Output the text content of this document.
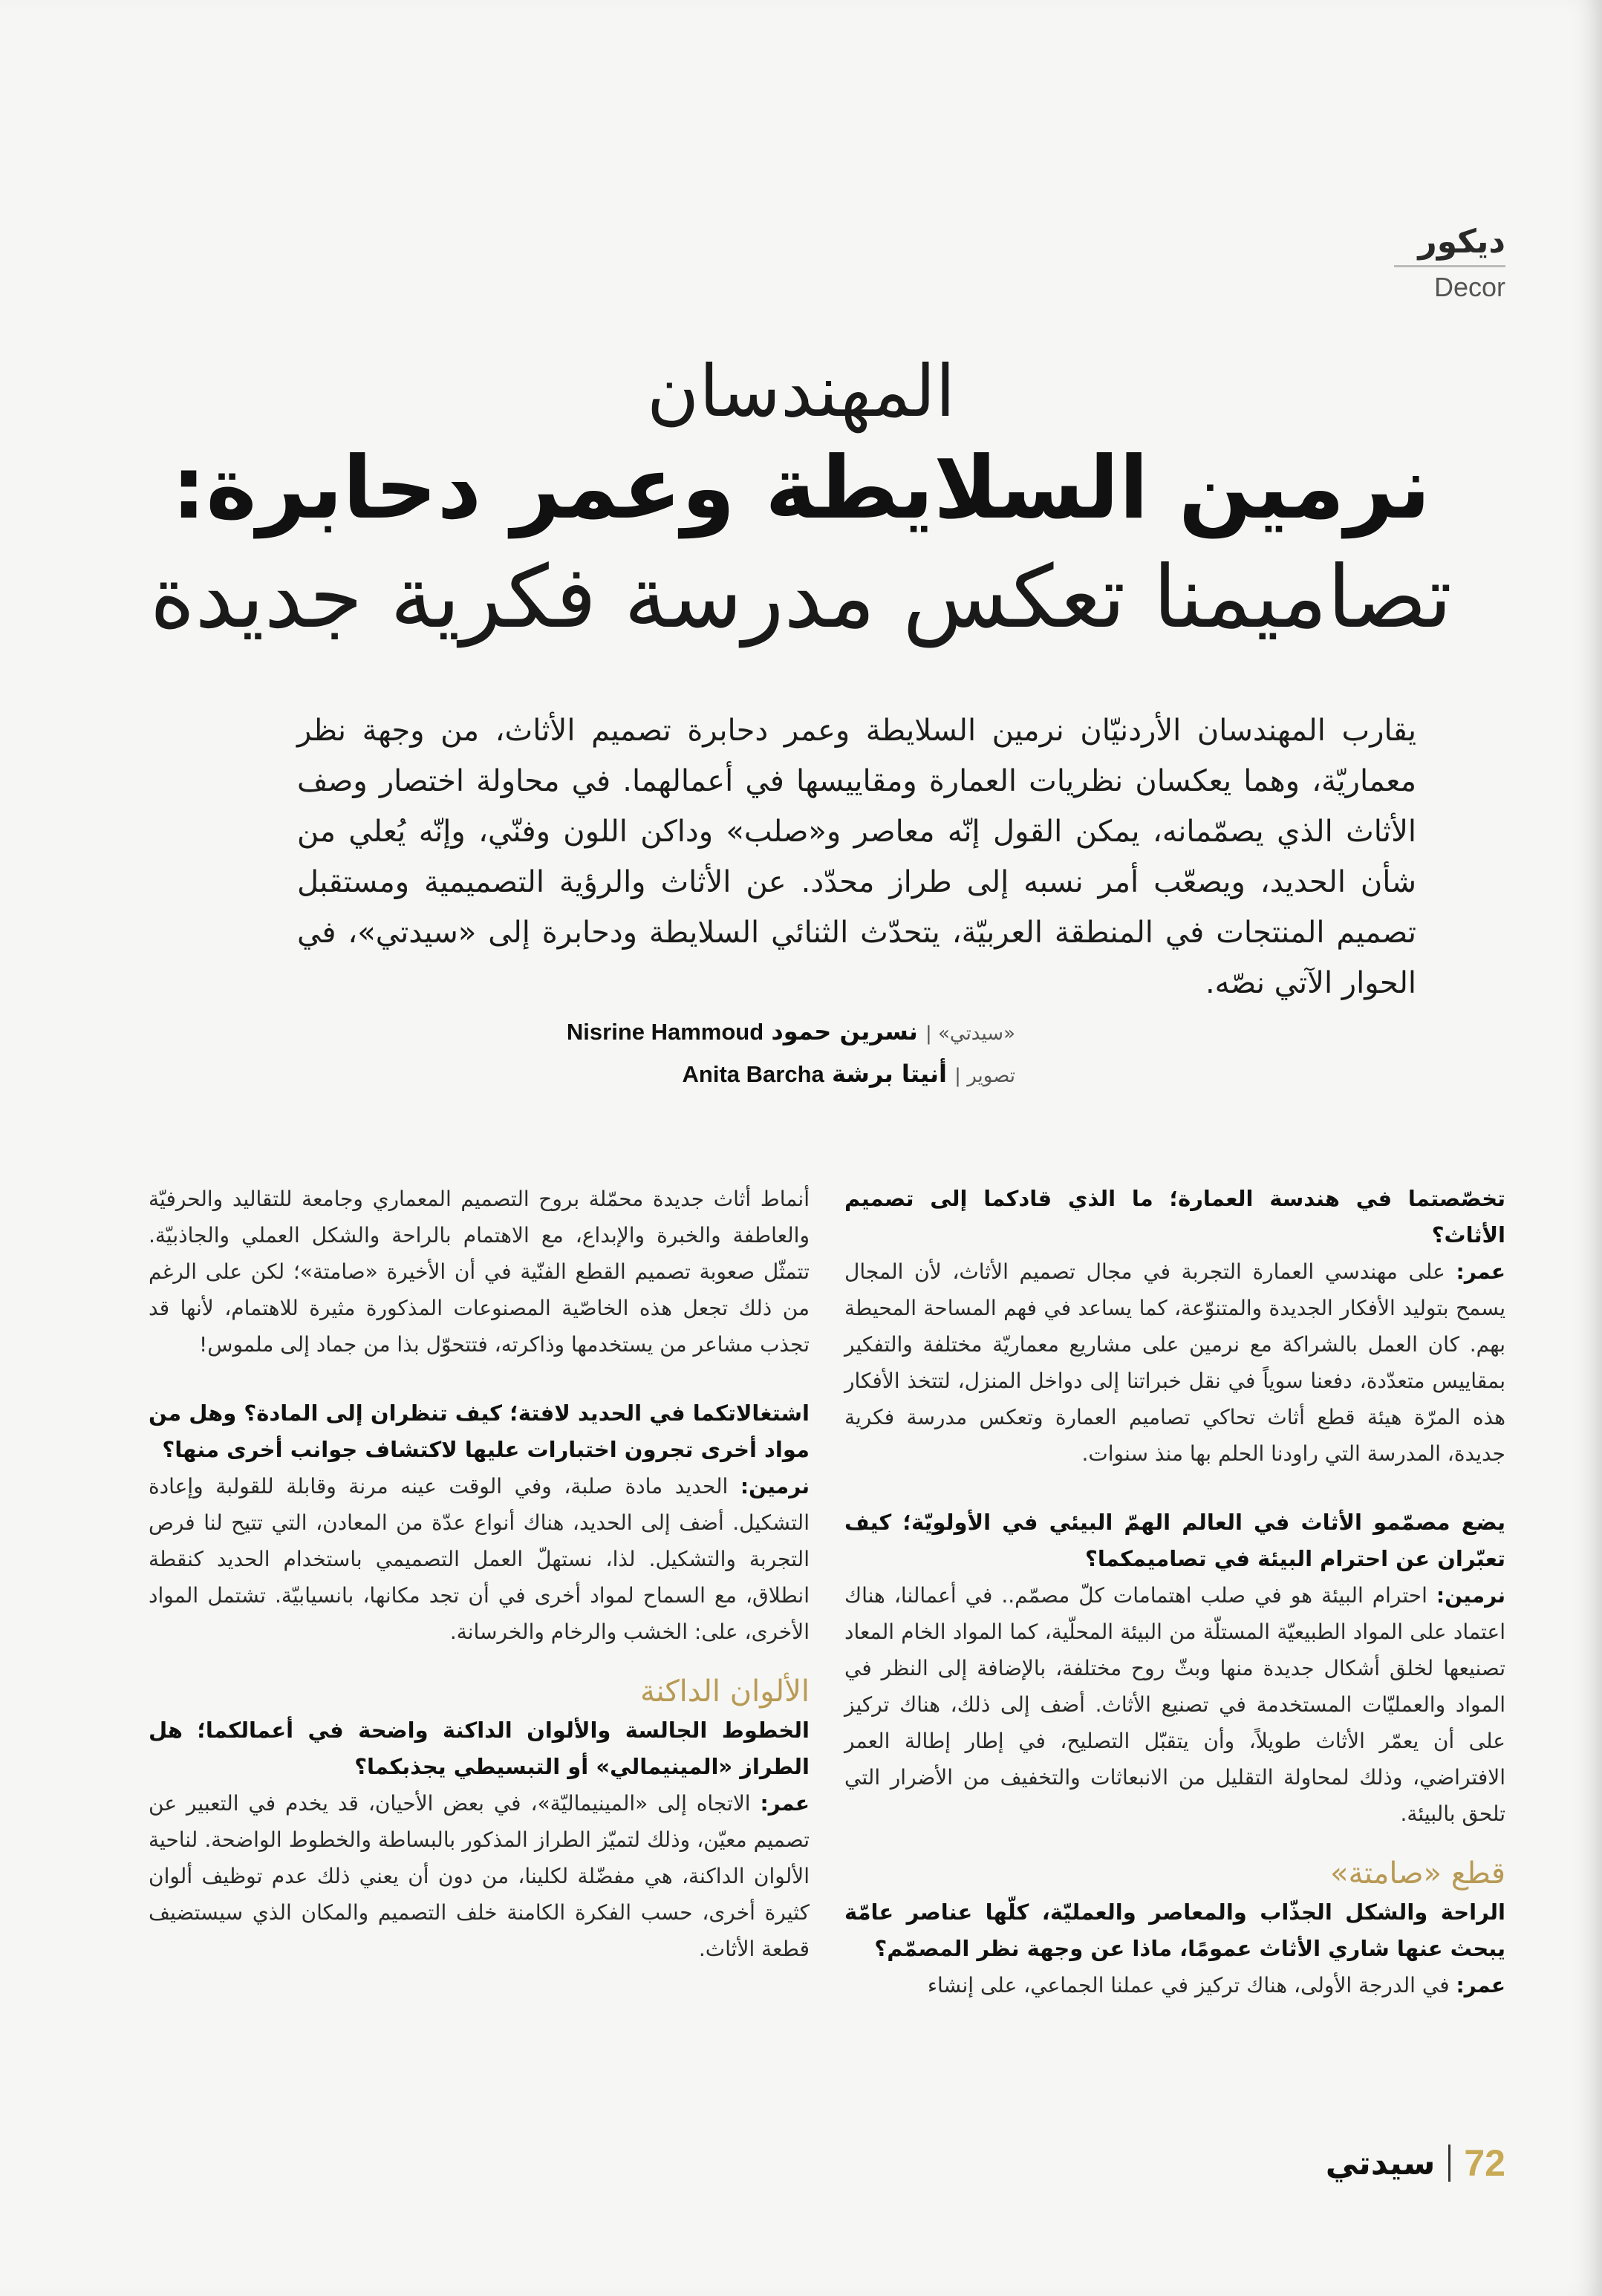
ديكور
Decor
المهندسان
نرمين السلايطة وعمر دحابرة:
تصاميمنا تعكس مدرسة فكرية جديدة
يقارب المهندسان الأردنيّان نرمين السلايطة وعمر دحابرة تصميم الأثاث، من وجهة نظر معماريّة، وهما يعكسان نظريات العمارة ومقاييسها في أعمالهما. في محاولة اختصار وصف الأثاث الذي يصمّمانه، يمكن القول إنّه معاصر و«صلب» وداكن اللون وفنّي، وإنّه يُعلي من شأن الحديد، ويصعّب أمر نسبه إلى طراز محدّد. عن الأثاث والرؤية التصميمية ومستقبل تصميم المنتجات في المنطقة العربيّة، يتحدّث الثنائي السلايطة ودحابرة إلى «سيدتي»، في الحوار الآتي نصّه.
«سيدتي» | نسرين حمود Nisrine Hammoud
تصوير | أنيتا برشة Anita Barcha

تخصّصتما في هندسة العمارة؛ ما الذي قادكما إلى تصميم الأثاث؟

عمر: على مهندسي العمارة التجربة في مجال تصميم الأثاث، لأن المجال يسمح بتوليد الأفكار الجديدة والمتنوّعة، كما يساعد في فهم المساحة المحيطة بهم. كان العمل بالشراكة مع نرمين على مشاريع معماريّة مختلفة والتفكير بمقاييس متعدّدة، دفعنا سوياً في نقل خبراتنا إلى دواخل المنزل، لتتخذ الأفكار هذه المرّة هيئة قطع أثاث تحاكي تصاميم العمارة وتعكس مدرسة فكرية جديدة، المدرسة التي راودنا الحلم بها منذ سنوات.

يضع مصمّمو الأثاث في العالم الهمّ البيئي في الأولويّة؛ كيف تعبّران عن احترام البيئة في تصاميمكما؟

نرمين: احترام البيئة هو في صلب اهتمامات كلّ مصمّم.. في أعمالنا، هناك اعتماد على المواد الطبيعيّة المستلّة من البيئة المحلّية، كما المواد الخام المعاد تصنيعها لخلق أشكال جديدة منها وبثّ روح مختلفة، بالإضافة إلى النظر في المواد والعمليّات المستخدمة في تصنيع الأثاث. أضف إلى ذلك، هناك تركيز على أن يعمّر الأثاث طويلاً، وأن يتقبّل التصليح، في إطار إطالة العمر الافتراضي، وذلك لمحاولة التقليل من الانبعاثات والتخفيف من الأضرار التي تلحق بالبيئة.

قطع «صامتة»

الراحة والشكل الجذّاب والمعاصر والعمليّة، كلّها عناصر عامّة يبحث عنها شاري الأثاث عمومًا، ماذا عن وجهة نظر المصمّم؟

عمر: في الدرجة الأولى، هناك تركيز في عملنا الجماعي، على إنشاء

أنماط أثاث جديدة محمّلة بروح التصميم المعماري وجامعة للتقاليد والحرفيّة والعاطفة والخبرة والإبداع، مع الاهتمام بالراحة والشكل العملي والجاذبيّة. تتمثّل صعوبة تصميم القطع الفنّية في أن الأخيرة «صامتة»؛ لكن على الرغم من ذلك تجعل هذه الخاصّية المصنوعات المذكورة مثيرة للاهتمام، لأنها قد تجذب مشاعر من يستخدمها وذاكرته، فتتحوّل بذا من جماد إلى ملموس!

اشتغالاتكما في الحديد لافتة؛ كيف تنظران إلى المادة؟ وهل من مواد أخرى تجرون اختبارات عليها لاكتشاف جوانب أخرى منها؟

نرمين: الحديد مادة صلبة، وفي الوقت عينه مرنة وقابلة للقولبة وإعادة التشكيل. أضف إلى الحديد، هناك أنواع عدّة من المعادن، التي تتيح لنا فرص التجربة والتشكيل. لذا، نستهلّ العمل التصميمي باستخدام الحديد كنقطة انطلاق، مع السماح لمواد أخرى في أن تجد مكانها، بانسيابيّة. تشتمل المواد الأخرى، على: الخشب والرخام والخرسانة.

الألوان الداكنة

الخطوط الجالسة والألوان الداكنة واضحة في أعمالكما؛ هل الطراز «المينيمالي» أو التبسيطي يجذبكما؟

عمر: الاتجاه إلى «المينيماليّة»، في بعض الأحيان، قد يخدم في التعبير عن تصميم معيّن، وذلك لتميّز الطراز المذكور بالبساطة والخطوط الواضحة. لناحية الألوان الداكنة، هي مفضّلة لكلينا، من دون أن يعني ذلك عدم توظيف ألوان كثيرة أخرى، حسب الفكرة الكامنة خلف التصميم والمكان الذي سيستضيف قطعة الأثاث.

72
سيدتي
